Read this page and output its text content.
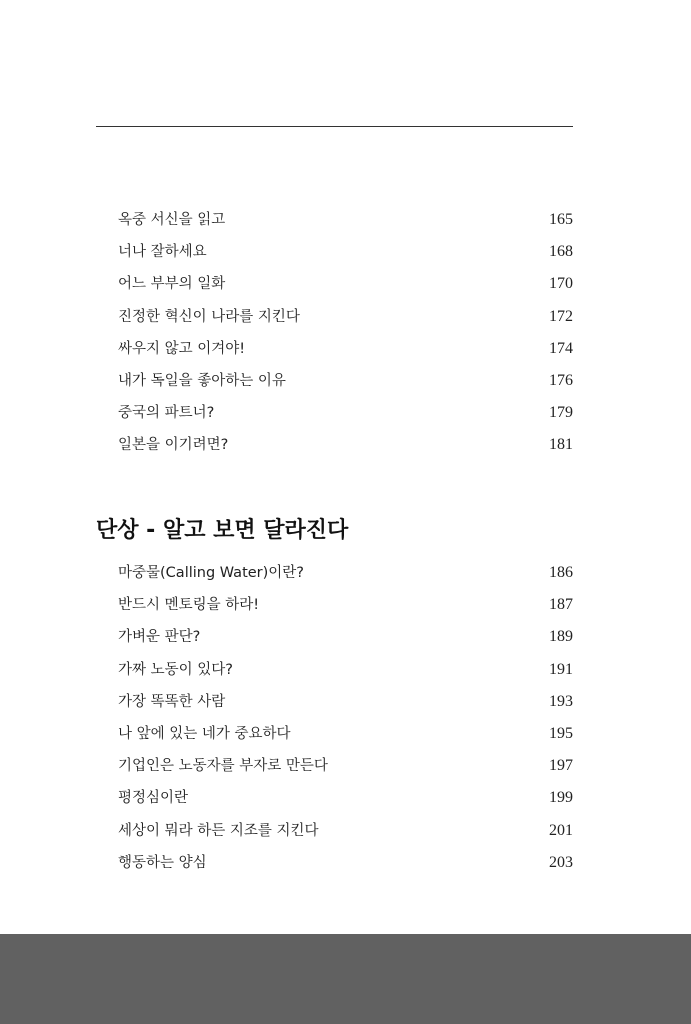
옥중 서신을 읽고	165
너나 잘하세요	168
어느 부부의 일화	170
진정한 혁신이 나라를 지킨다	172
싸우지 않고 이겨야!	174
내가 독일을 좋아하는 이유	176
중국의 파트너?	179
일본을 이기려면?	181
단상 - 알고 보면 달라진다
마중물(Calling Water)이란?	186
반드시 멘토링을 하라!	187
가벼운 판단?	189
가짜 노동이 있다?	191
가장 똑똑한 사람	193
나 앞에 있는 네가 중요하다	195
기업인은 노동자를 부자로 만든다	197
평정심이란	199
세상이 뭐라 하든 지조를 지킨다	201
행동하는 양심	203
